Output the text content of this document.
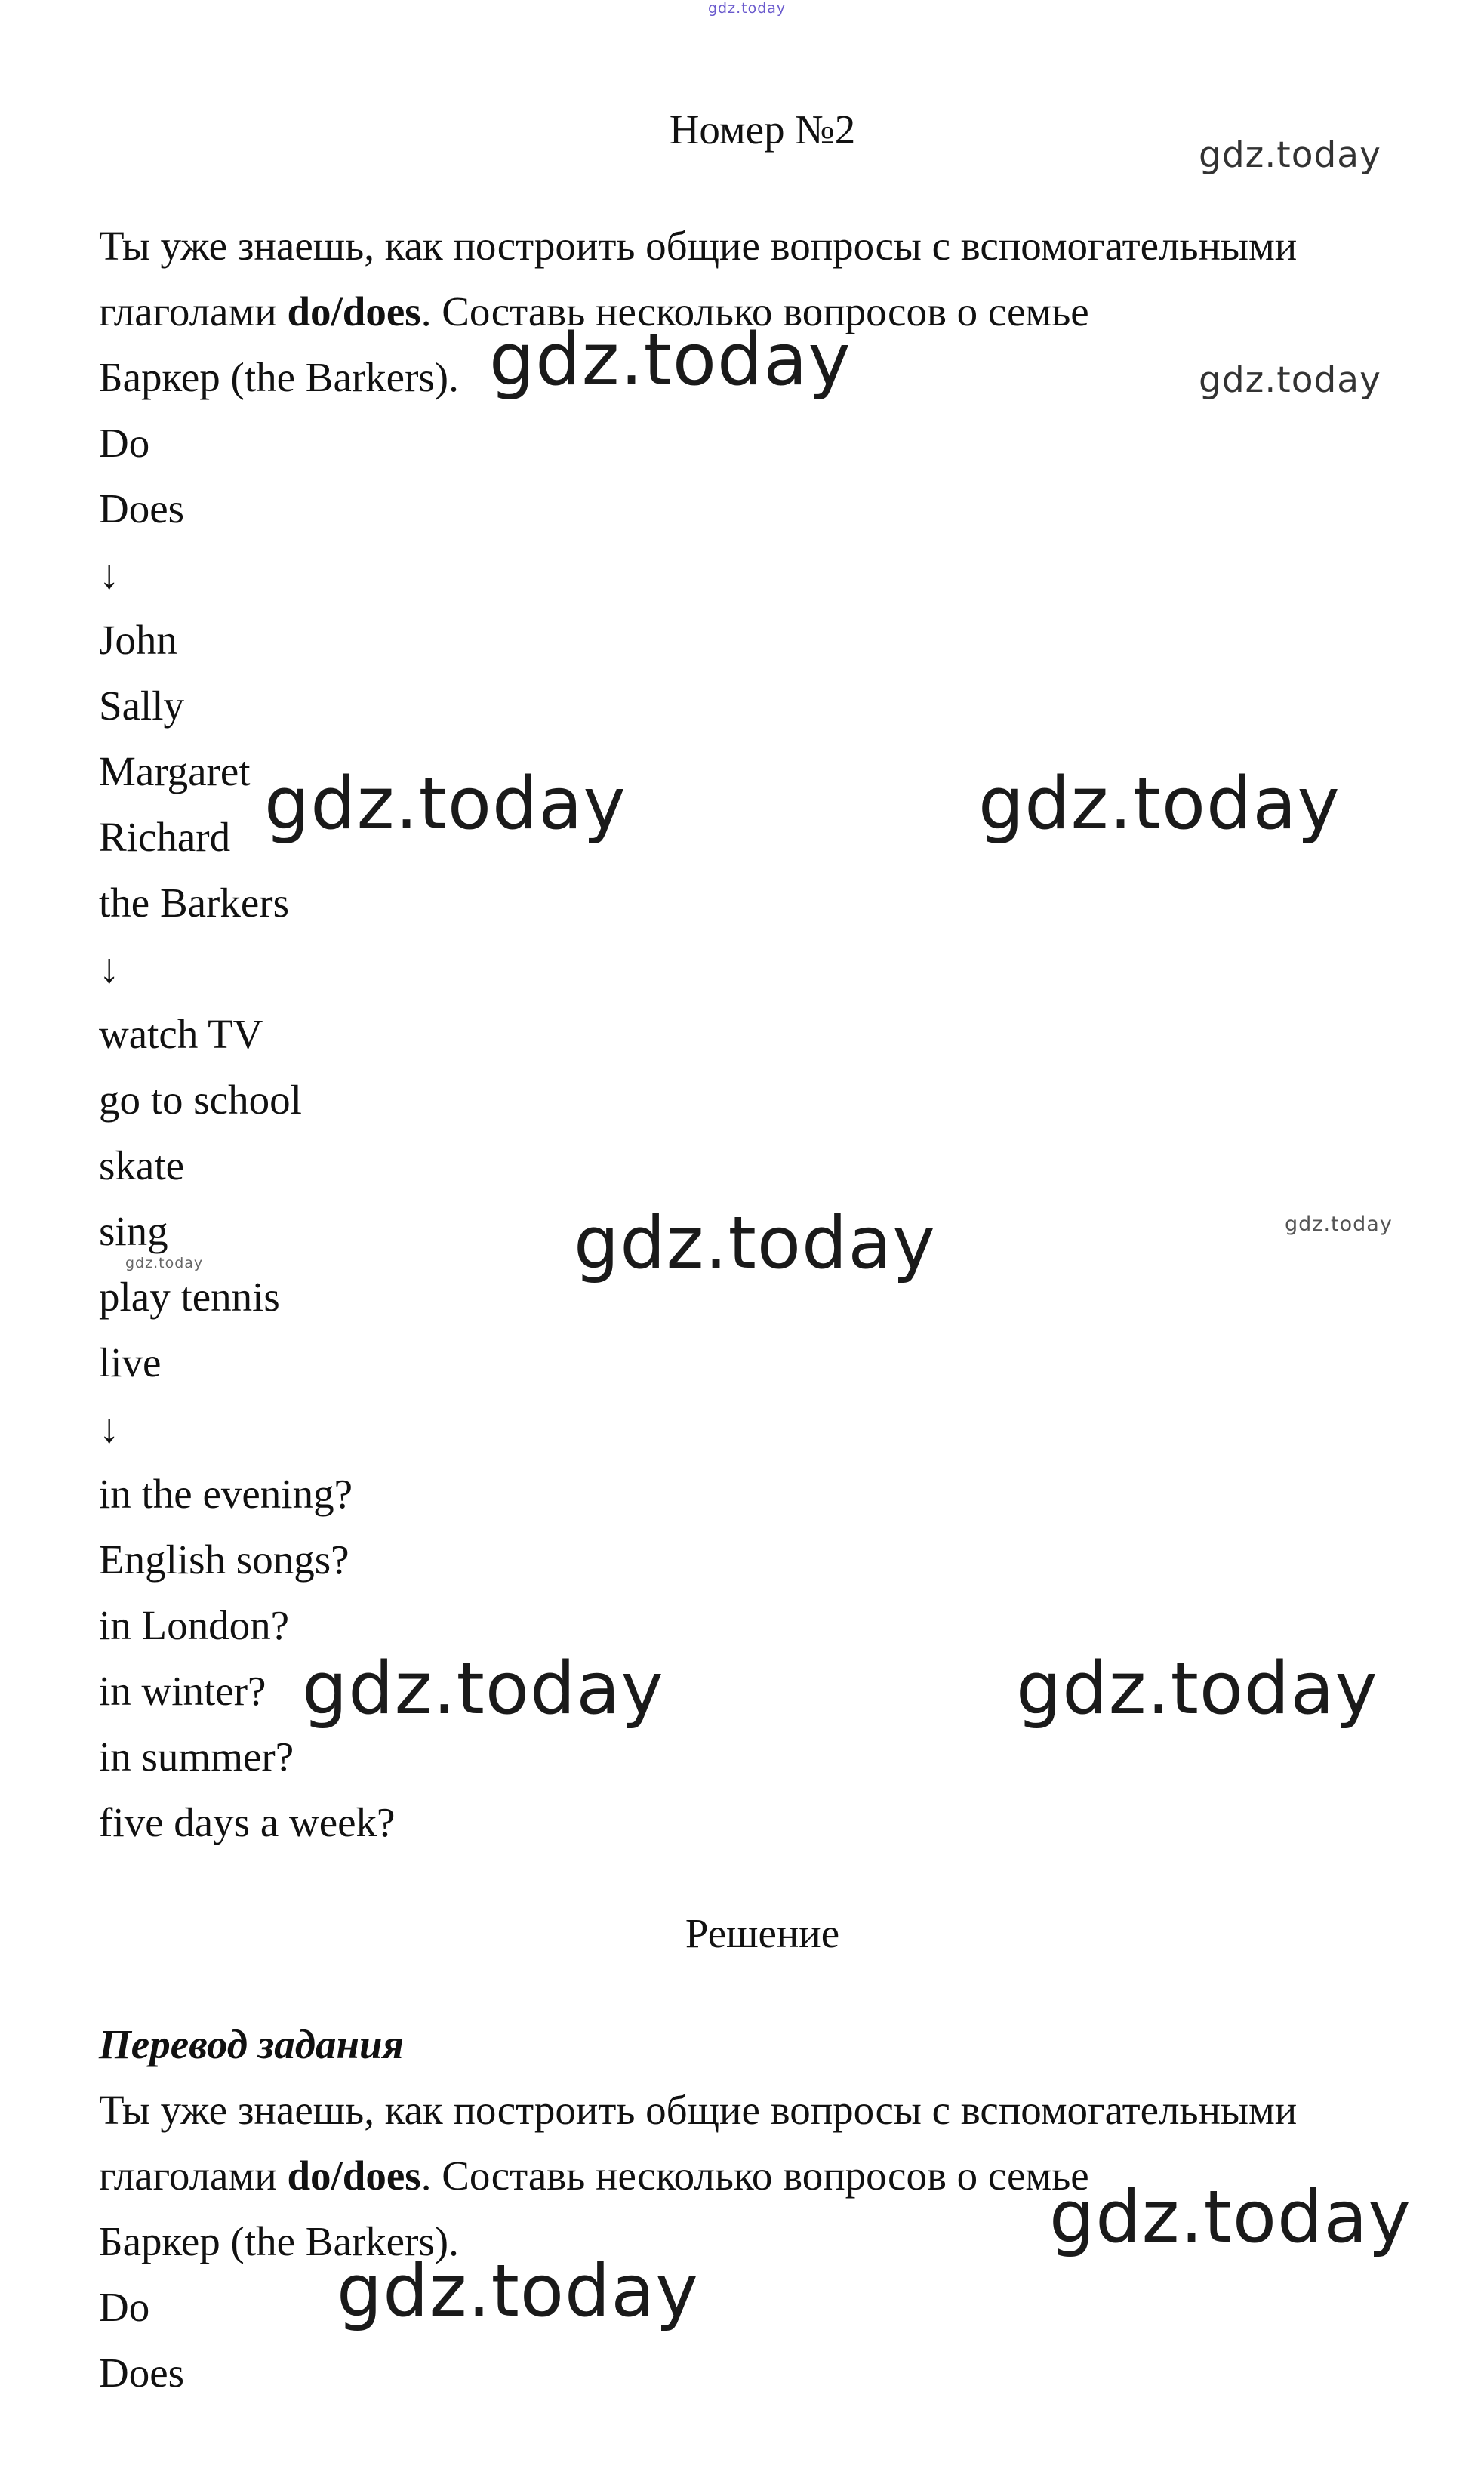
gdz.today
gdz.today
gdz.today	gdz.today
gdz.today	gdz.today
gdz.today	gdz.today
gdz.today
gdz.today	gdz.today
gdz.today
gdz.today
Номер №2
Ты уже знаешь, как построить общие вопросы с вспомогательными
глаголами do/does. Составь несколько вопросов о семье
Баркер (the Barkers).
Do
Does
↓
John
Sally
Margaret
Richard
the Barkers
↓
watch TV
go to school
skate
sing
play tennis
live
↓
in the evening?
English songs?
in London?
in winter?
in summer?
five days a week?
Решение
Перевод задания
Ты уже знаешь, как построить общие вопросы с вспомогательными
глаголами do/does. Составь несколько вопросов о семье
Баркер (the Barkers).
Do
Does
